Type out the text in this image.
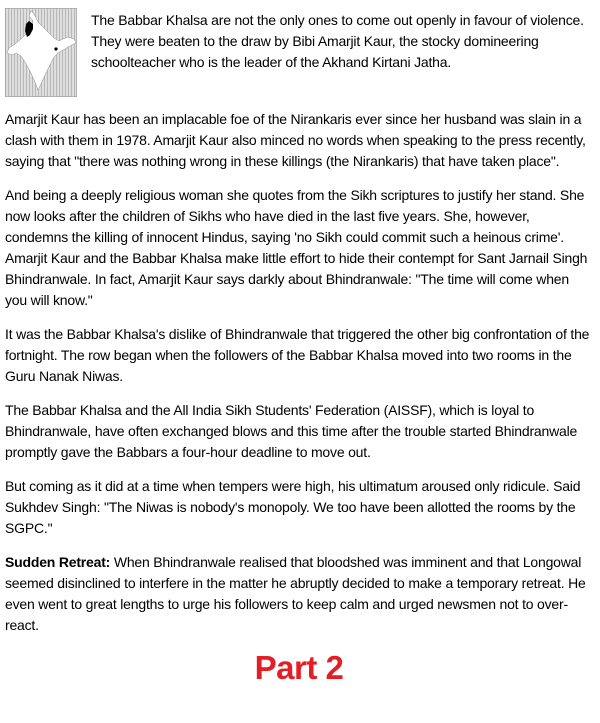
The Babbar Khalsa are not the only ones to come out openly in favour of violence. They were beaten to the draw by Bibi Amarjit Kaur, the stocky domineering schoolteacher who is the leader of the Akhand Kirtani Jatha.

Amarjit Kaur has been an implacable foe of the Nirankaris ever since her husband was slain in a clash with them in 1978. Amarjit Kaur also minced no words when speaking to the press recently, saying that "there was nothing wrong in these killings (the Nirankaris) that have taken place".

And being a deeply religious woman she quotes from the Sikh scriptures to justify her stand. She now looks after the children of Sikhs who have died in the last five years. She, however, condemns the killing of innocent Hindus, saying 'no Sikh could commit such a heinous crime'. Amarjit Kaur and the Babbar Khalsa make little effort to hide their contempt for Sant Jarnail Singh Bhindranwale. In fact, Amarjit Kaur says darkly about Bhindranwale: "The time will come when you will know."

It was the Babbar Khalsa's dislike of Bhindranwale that triggered the other big confrontation of the fortnight. The row began when the followers of the Babbar Khalsa moved into two rooms in the Guru Nanak Niwas.

The Babbar Khalsa and the All India Sikh Students' Federation (AISSF), which is loyal to Bhindranwale, have often exchanged blows and this time after the trouble started Bhindranwale promptly gave the Babbars a four-hour deadline to move out.

But coming as it did at a time when tempers were high, his ultimatum aroused only ridicule. Said Sukhdev Singh: "The Niwas is nobody's monopoly. We too have been allotted the rooms by the SGPC."

Sudden Retreat: When Bhindranwale realised that bloodshed was imminent and that Longowal seemed disinclined to interfere in the matter he abruptly decided to make a temporary retreat. He even went to great lengths to urge his followers to keep calm and urged newsmen not to over-react.

Part 2
